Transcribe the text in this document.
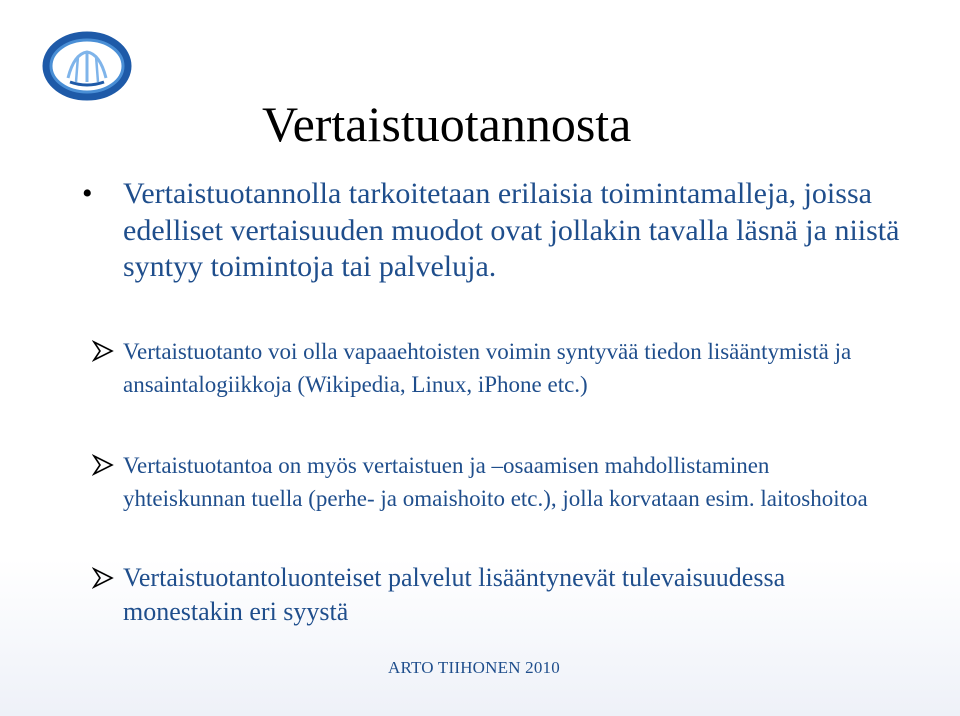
Vertaistuotannosta
• Vertaistuotannolla tarkoitetaan erilaisia toimintamalleja, joissa edelliset vertaisuuden muodot ovat jollakin tavalla läsnä ja niistä syntyy toimintoja tai palveluja.
Vertaistuotanto voi olla vapaaehtoisten voimin syntyvää tiedon lisääntymistä ja ansaintalogiikkoja (Wikipedia, Linux, iPhone etc.)
Vertaistuotantoa on myös vertaistuen ja –osaamisen mahdollistaminen yhteiskunnan tuella (perhe- ja omaishoito etc.), jolla korvataan esim. laitoshoitoa
Vertaistuotantoluonteiset palvelut lisääntynevät tulevaisuudessa monestakin eri syystä
ARTO TIIHONEN 2010
